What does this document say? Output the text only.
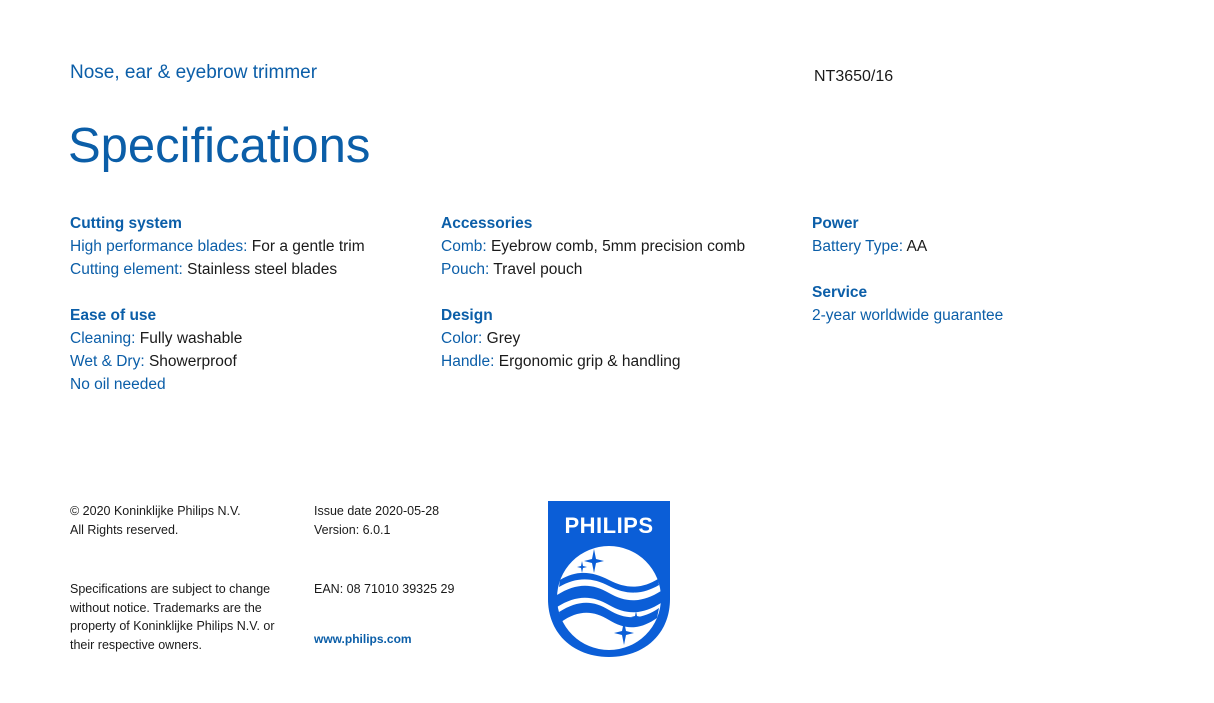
Nose, ear & eyebrow trimmer	NT3650/16
Specifications
Cutting system
High performance blades: For a gentle trim
Cutting element: Stainless steel blades
Ease of use
Cleaning: Fully washable
Wet & Dry: Showerproof
No oil needed
Accessories
Comb: Eyebrow comb, 5mm precision comb
Pouch: Travel pouch
Design
Color: Grey
Handle: Ergonomic grip & handling
Power
Battery Type: AA
Service
2-year worldwide guarantee
© 2020 Koninklijke Philips N.V.
All Rights reserved.
Issue date 2020-05-28
Version: 6.0.1
Specifications are subject to change
without notice. Trademarks are the
property of Koninklijke Philips N.V. or
their respective owners.
EAN: 08 71010 39325 29
www.philips.com
PHILIPS
